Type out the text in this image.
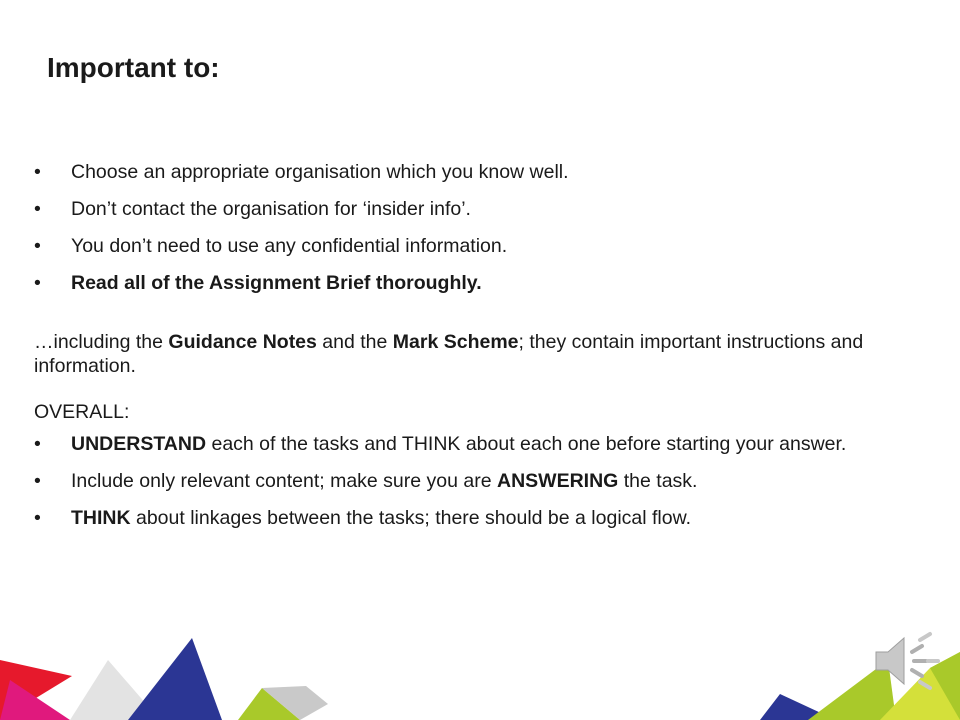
Important to:
• Choose an appropriate organisation which you know well.
• Don’t contact the organisation for ‘insider info’.
• You don’t need to use any confidential information.
• Read all of the Assignment Brief thoroughly.

…including the Guidance Notes and the Mark Scheme; they contain important instructions and information.

OVERALL:

• UNDERSTAND each of the tasks and THINK about each one before starting your answer.
• Include only relevant content; make sure you are ANSWERING the task.
• THINK about linkages between the tasks; there should be a logical flow.
